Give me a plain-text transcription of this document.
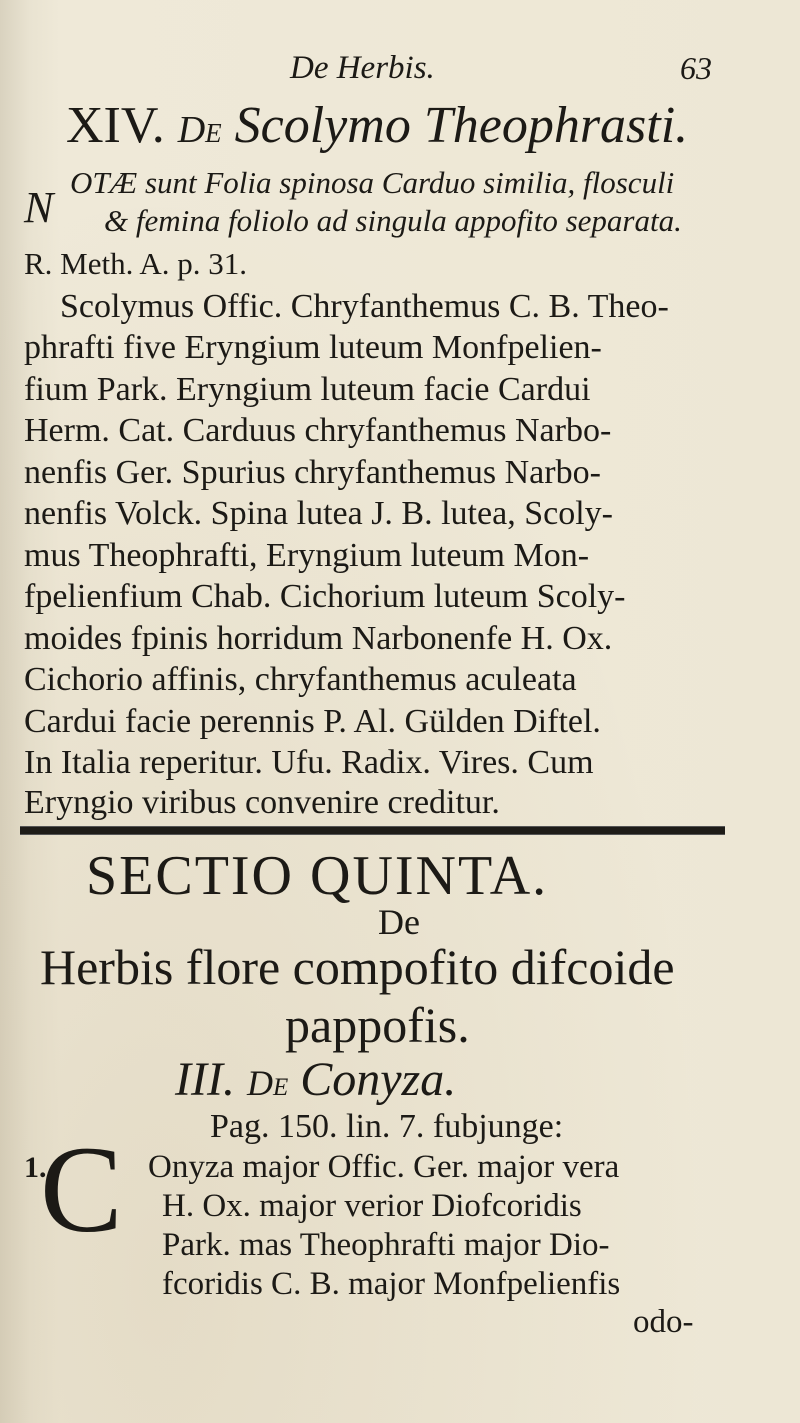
De Herbis.	63
XIV. De Scolymo Theophrasti.
N
OTÆ sunt Folia spinosa Carduo similia, flosculi
& femina foliolo ad singula appofito separata.
R. Meth. A. p. 31.
Scolymus Offic. Chryfanthemus C. B. Theo-
phrafti five Eryngium luteum Monfpelien-
fium Park. Eryngium luteum facie Cardui
Herm. Cat. Carduus chryfanthemus Narbo-
nenfis Ger. Spurius chryfanthemus Narbo-
nenfis Volck. Spina lutea J. B. lutea, Scoly-
mus Theophrafti, Eryngium luteum Mon-
fpelienfium Chab. Cichorium luteum Scoly-
moides fpinis horridum Narbonenfe H. Ox.
Cichorio affinis, chryfanthemus aculeata
Cardui facie perennis P. Al. Gülden Diftel.
In Italia reperitur. Ufu. Radix. Vires. Cum
Eryngio viribus convenire creditur.
SECTIO QUINTA.
De
Herbis flore compofito difcoide
pappofis.
III. De Conyza.
Pag. 150. lin. 7. fubjunge:
1.
C Onyza major Offic. Ger. major vera
H. Ox. major verior Diofcoridis
Park. mas Theophrafti major Dio-
fcoridis C. B. major Monfpelienfis
odo-
